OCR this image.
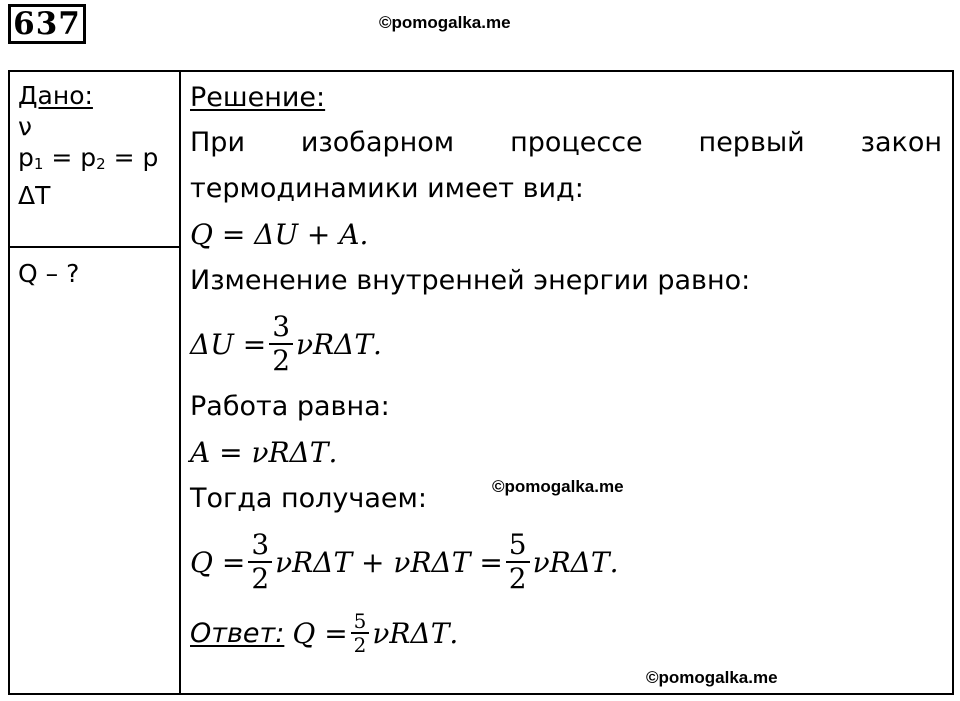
637	©pomogalka.me
Дано:
ν
$p_1 = p_2 = p$
ΔT
Q – ?
Решение:
При изобарном процессе первый закон
термодинамики имеет вид:
𝑄 = Δ𝑈 + 𝐴.
Изменение внутренней энергии равно:
Δ𝑈 = $\frac{3}{2}$ 𝜈𝑅Δ𝑇.
Работа равна:
𝐴 = 𝜈𝑅Δ𝑇.
Тогда получаем:
𝑄 = $\frac{3}{2}$ 𝜈𝑅Δ𝑇 + 𝜈𝑅Δ𝑇 = $\frac{5}{2}$ 𝜈𝑅Δ𝑇.
Ответ: 𝑄 = $\frac{5}{2}$ 𝜈𝑅Δ𝑇.
©pomogalka.me
©pomogalka.me
